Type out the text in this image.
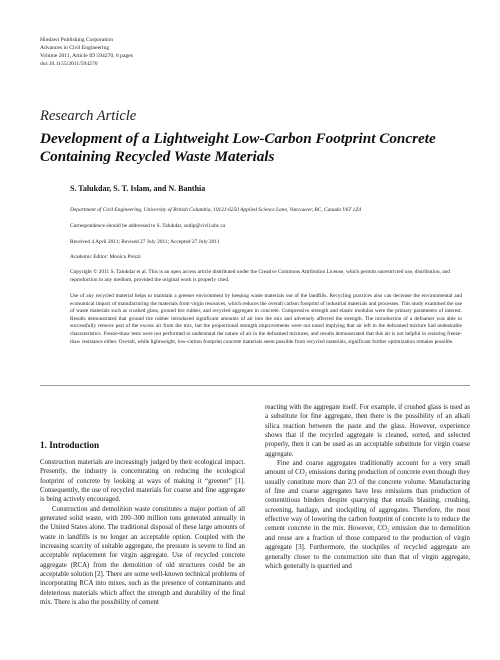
Hindawi Publishing Corporation
Advances in Civil Engineering
Volume 2011, Article ID 594270, 8 pages
doi:10.1155/2011/594270
Research Article
Development of a Lightweight Low-Carbon Footprint Concrete Containing Recycled Waste Materials
S. Talukdar, S. T. Islam, and N. Banthia
Department of Civil Engineering, University of British Columbia, 1012J-6250 Applied Science Lane, Vancouver, BC, Canada V6T 1Z4
Correspondence should be addressed to S. Talukdar, sudip@civil.ubc.ca
Received 4 April 2011; Revised 27 July 2011; Accepted 27 July 2011
Academic Editor: Monica Prezzi
Copyright © 2011 S. Talukdar et al. This is an open access article distributed under the Creative Commons Attribution License, which permits unrestricted use, distribution, and reproduction in any medium, provided the original work is properly cited.
Use of any recycled material helps to maintain a greener environment by keeping waste materials out of the landfills. Recycling practices also can decrease the environmental and economical impact of manufacturing the materials from virgin resources, which reduces the overall carbon footprint of industrial materials and processes. This study examined the use of waste materials such as crushed glass, ground tire rubber, and recycled aggregate in concrete. Compressive strength and elastic modulus were the primary parameters of interest. Results demonstrated that ground tire rubber introduced significant amounts of air into the mix and adversely affected the strength. The introduction of a defoamer was able to successfully remove part of the excess air from the mix, but the proportional strength improvements were not noted implying that air left in the defoamed mixture had undesirable characteristics. Freeze-thaw tests were not performed to understand the nature of air in the defoamed mixtures, and results demonstrated that this air is not helpful in resisting freeze-thaw resistance either. Overall, while lightweight, low-carbon footprint concrete materials seem possible from recycled materials, significant further optimization remains possible.
1. Introduction

Construction materials are increasingly judged by their ecological impact. Presently, the industry is concentrating on reducing the ecological footprint of concrete by looking at ways of making it “greener” [1]. Consequently, the use of recycled materials for coarse and fine aggregate is being actively encouraged.

Construction and demolition waste constitutes a major portion of all generated solid waste, with 200–300 million tons generated annually in the United States alone. The traditional disposal of these large amounts of waste in landfills is no longer an acceptable option. Coupled with the increasing scarcity of suitable aggregate, the pressure is severe to find an acceptable replacement for virgin aggregate. Use of recycled concrete aggregate (RCA) from the demolition of old structures could be an acceptable solution [2]. There are some well-known technical problems of incorporating RCA into mixes, such as the presence of contaminants and deleterious materials which affect the strength and durability of the final mix. There is also the possibility of cement

reacting with the aggregate itself. For example, if crushed glass is used as a substitute for fine aggregate, then there is the possibility of an alkali silica reaction between the paste and the glass. However, experience shows that if the recycled aggregate is cleaned, sorted, and selected properly, then it can be used as an acceptable substitute for virgin coarse aggregate.

Fine and coarse aggregates traditionally account for a very small amount of CO₂ emissions during production of concrete even though they usually constitute more than 2/3 of the concrete volume. Manufacturing of fine and coarse aggregates have less emissions than production of cementitious binders despite quarrying that entails blasting, crushing, screening, haulage, and stockpiling of aggregates. Therefore, the most effective way of lowering the carbon footprint of concrete is to reduce the cement concrete in the mix. However, CO₂ emission due to demolition and reuse are a fraction of those compared to the production of virgin aggregate [3]. Furthermore, the stockpiles of recycled aggregate are generally closer to the construction site than that of virgin aggregate, which generally is quarried and
